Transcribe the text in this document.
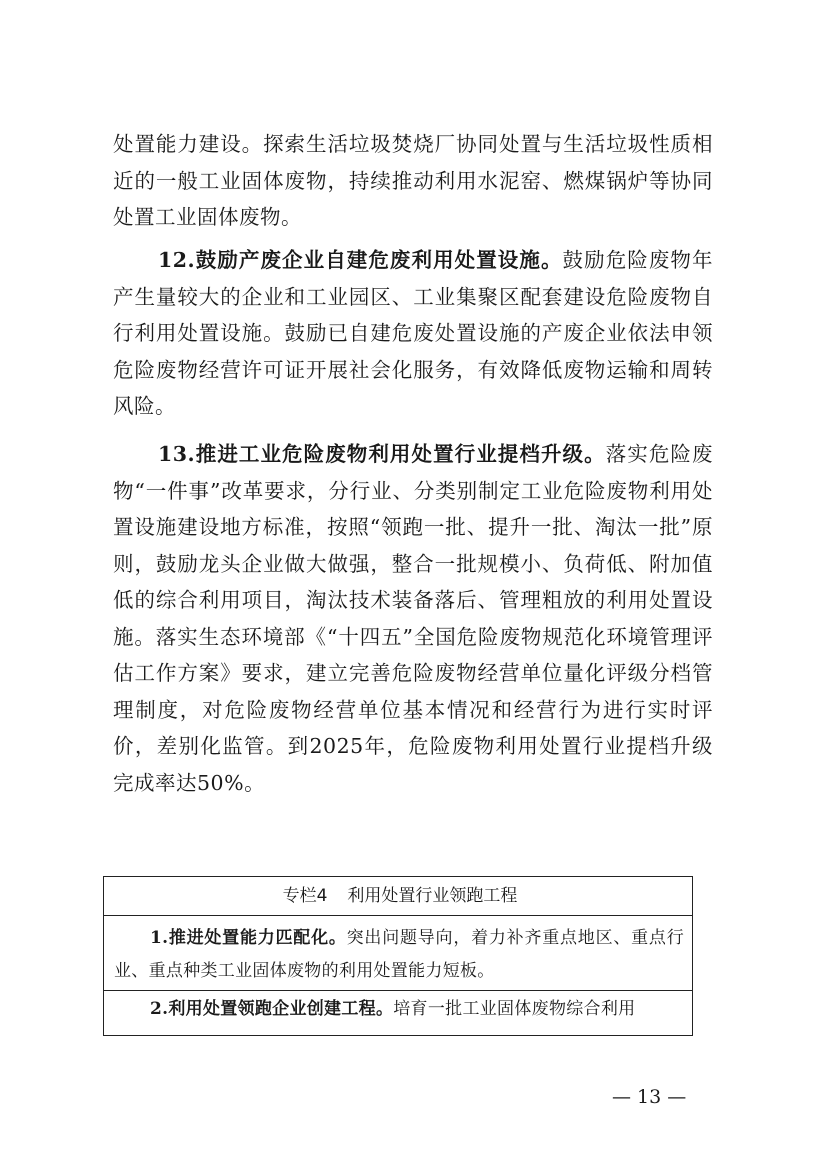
处置能力建设。探索生活垃圾焚烧厂协同处置与生活垃圾性质相近的一般工业固体废物，持续推动利用水泥窑、燃煤锅炉等协同处置工业固体废物。

12.鼓励产废企业自建危废利用处置设施。鼓励危险废物年产生量较大的企业和工业园区、工业集聚区配套建设危险废物自行利用处置设施。鼓励已自建危废处置设施的产废企业依法申领危险废物经营许可证开展社会化服务，有效降低废物运输和周转风险。

13.推进工业危险废物利用处置行业提档升级。落实危险废物“一件事”改革要求，分行业、分类别制定工业危险废物利用处置设施建设地方标准，按照“领跑一批、提升一批、淘汰一批”原则，鼓励龙头企业做大做强，整合一批规模小、负荷低、附加值低的综合利用项目，淘汰技术装备落后、管理粗放的利用处置设施。落实生态环境部《“十四五”全国危险废物规范化环境管理评估工作方案》要求，建立完善危险废物经营单位量化评级分档管理制度，对危险废物经营单位基本情况和经营行为进行实时评价，差别化监管。到2025年，危险废物利用处置行业提档升级完成率达50%。

专栏4 利用处置行业领跑工程
1.推进处置能力匹配化。突出问题导向，着力补齐重点地区、重点行业、重点种类工业固体废物的利用处置能力短板。
2.利用处置领跑企业创建工程。培育一批工业固体废物综合利用
— 13 —
